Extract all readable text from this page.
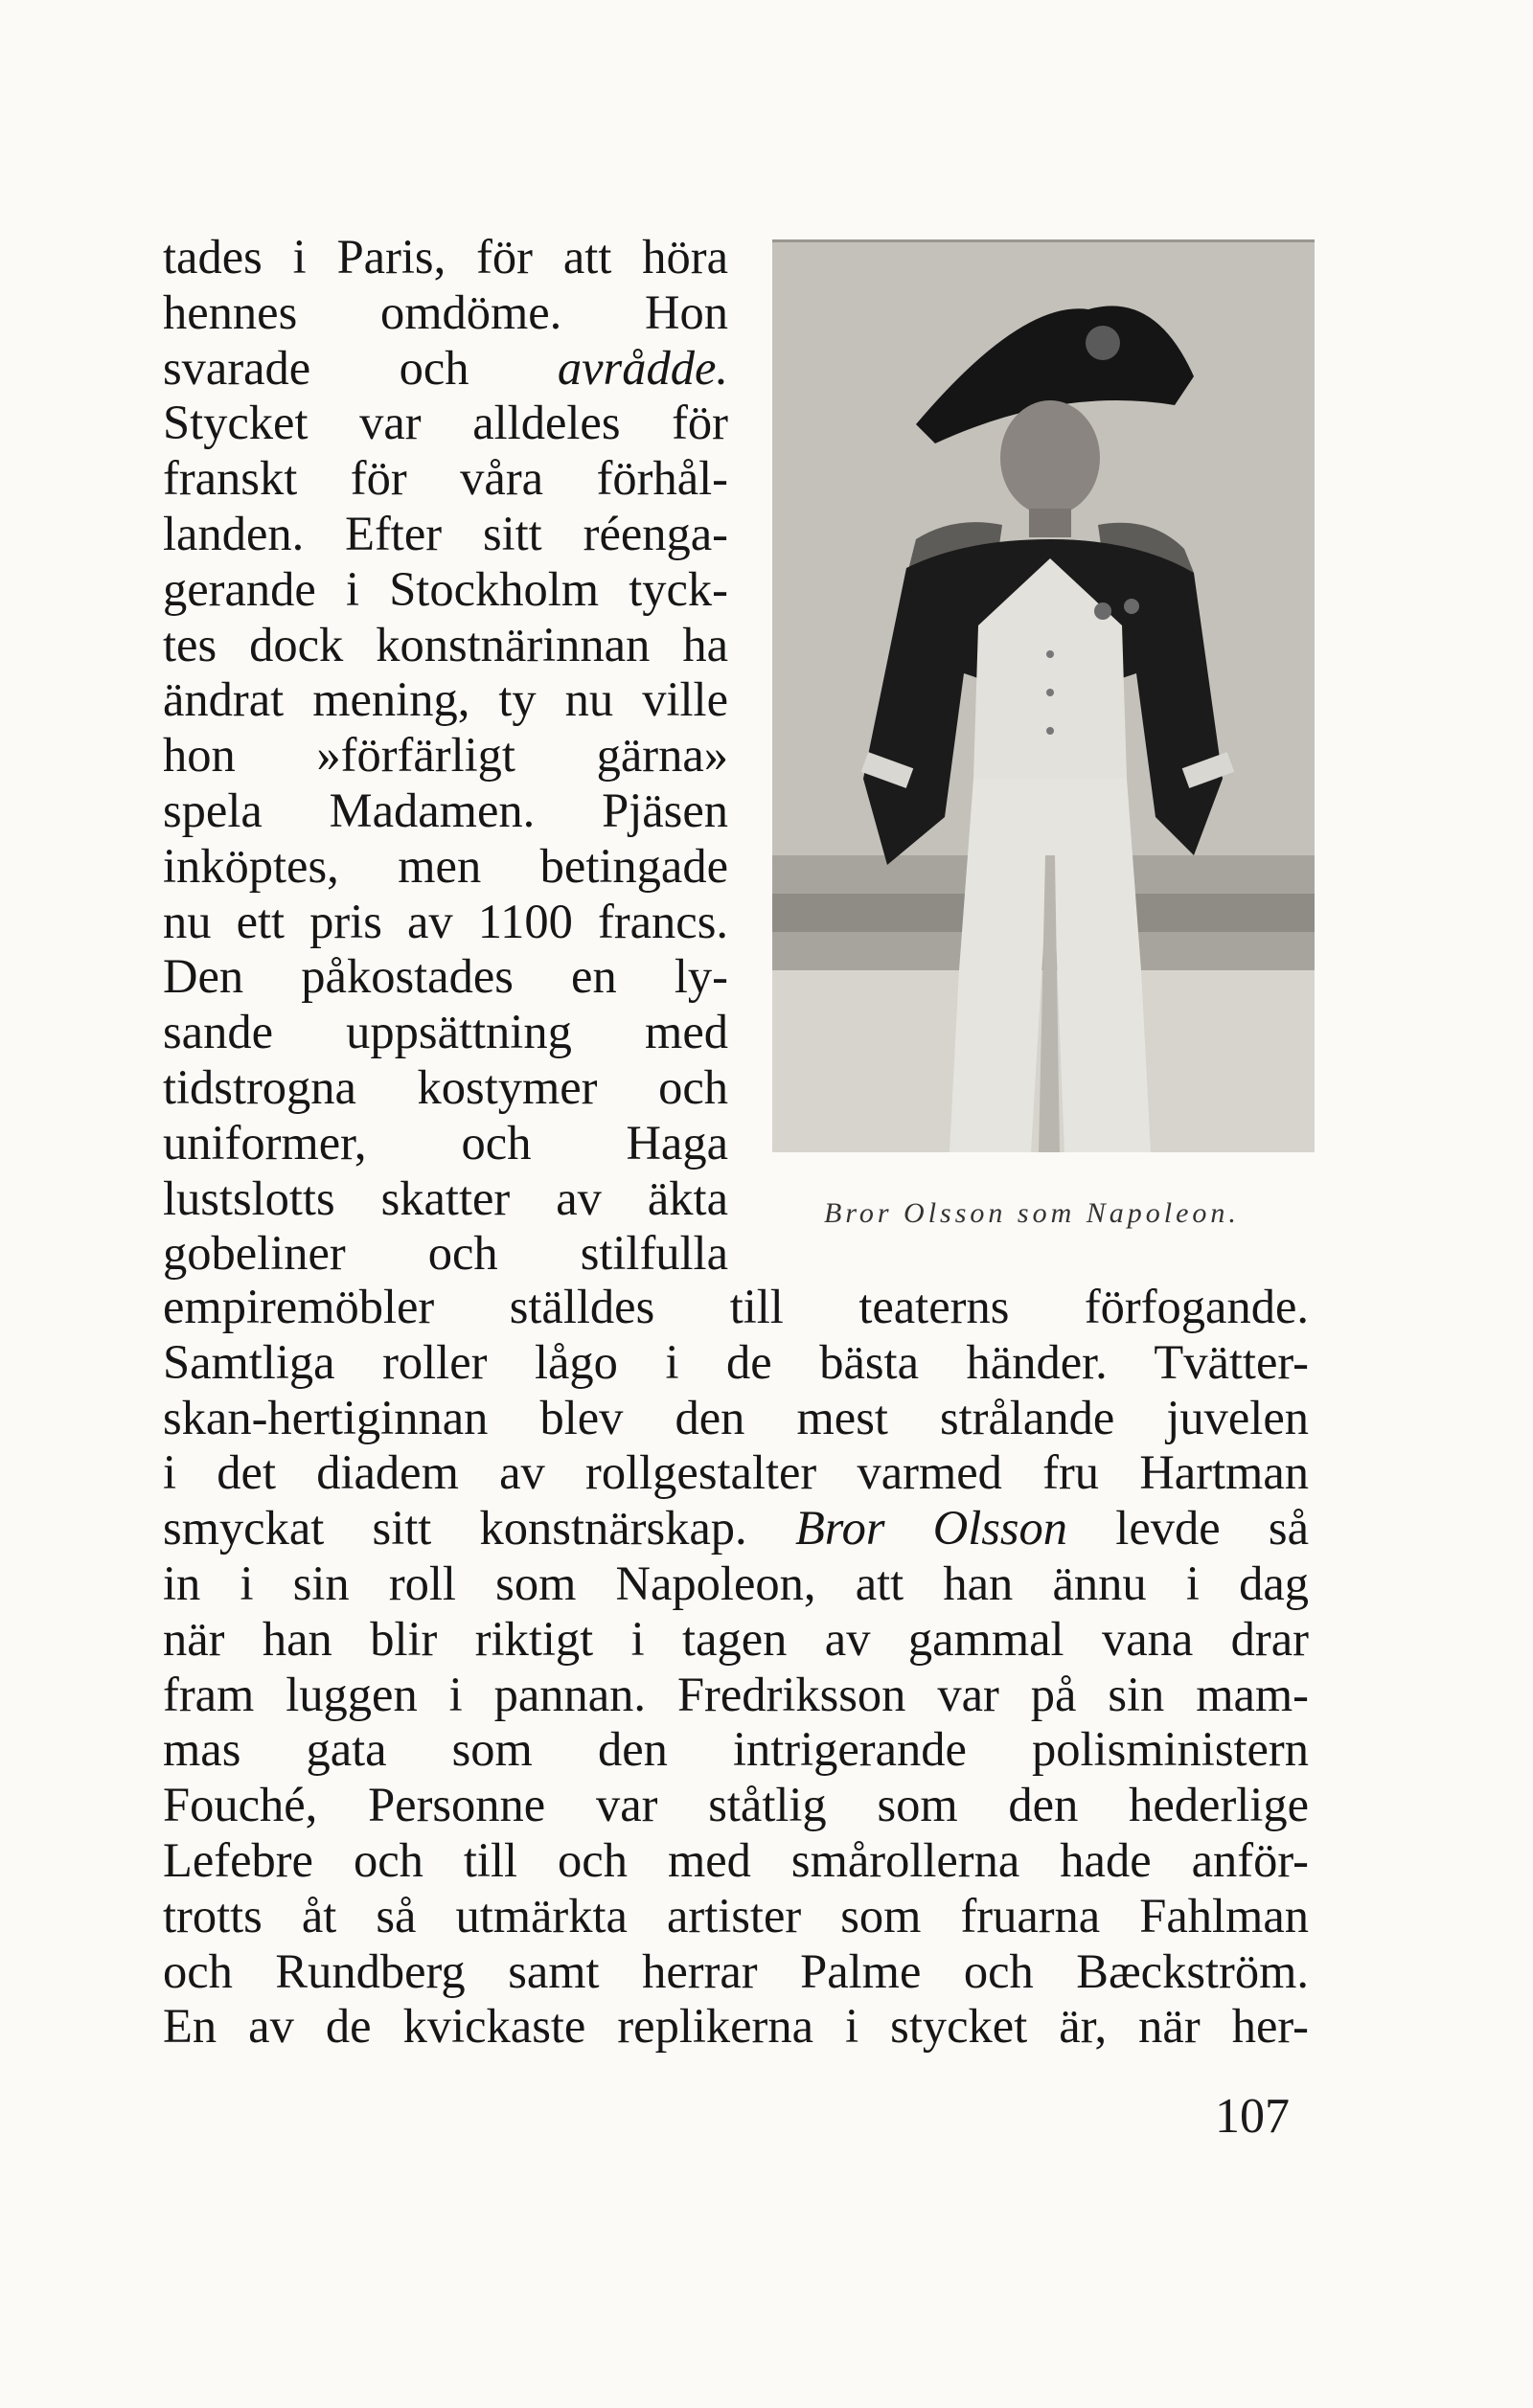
tades i Paris, för att höra
hennes omdöme. Hon
svarade och avrådde.
Stycket var alldeles för
franskt för våra förhål-
landen. Efter sitt réenga-
gerande i Stockholm tyck-
tes dock konstnärinnan ha
ändrat mening, ty nu ville
hon »förfärligt gärna»
spela Madamen. Pjäsen
inköptes, men betingade
nu ett pris av 1100 francs.
Den påkostades en ly-
sande uppsättning med
tidstrogna kostymer och
uniformer, och Haga
lustslotts skatter av äkta
gobeliner och stilfulla
Bror Olsson som Napoleon.
empiremöbler ställdes till teaterns förfogande.
Samtliga roller lågo i de bästa händer. Tvätter-
skan-hertiginnan blev den mest strålande juvelen
i det diadem av rollgestalter varmed fru Hartman
smyckat sitt konstnärskap. Bror Olsson levde så
in i sin roll som Napoleon, att han ännu i dag
när han blir riktigt i tagen av gammal vana drar
fram luggen i pannan. Fredriksson var på sin mam-
mas gata som den intrigerande polisministern
Fouché, Personne var ståtlig som den hederlige
Lefebre och till och med smårollerna hade anför-
trotts åt så utmärkta artister som fruarna Fahlman
och Rundberg samt herrar Palme och Bæckström.
En av de kvickaste replikerna i stycket är, när her-
107
